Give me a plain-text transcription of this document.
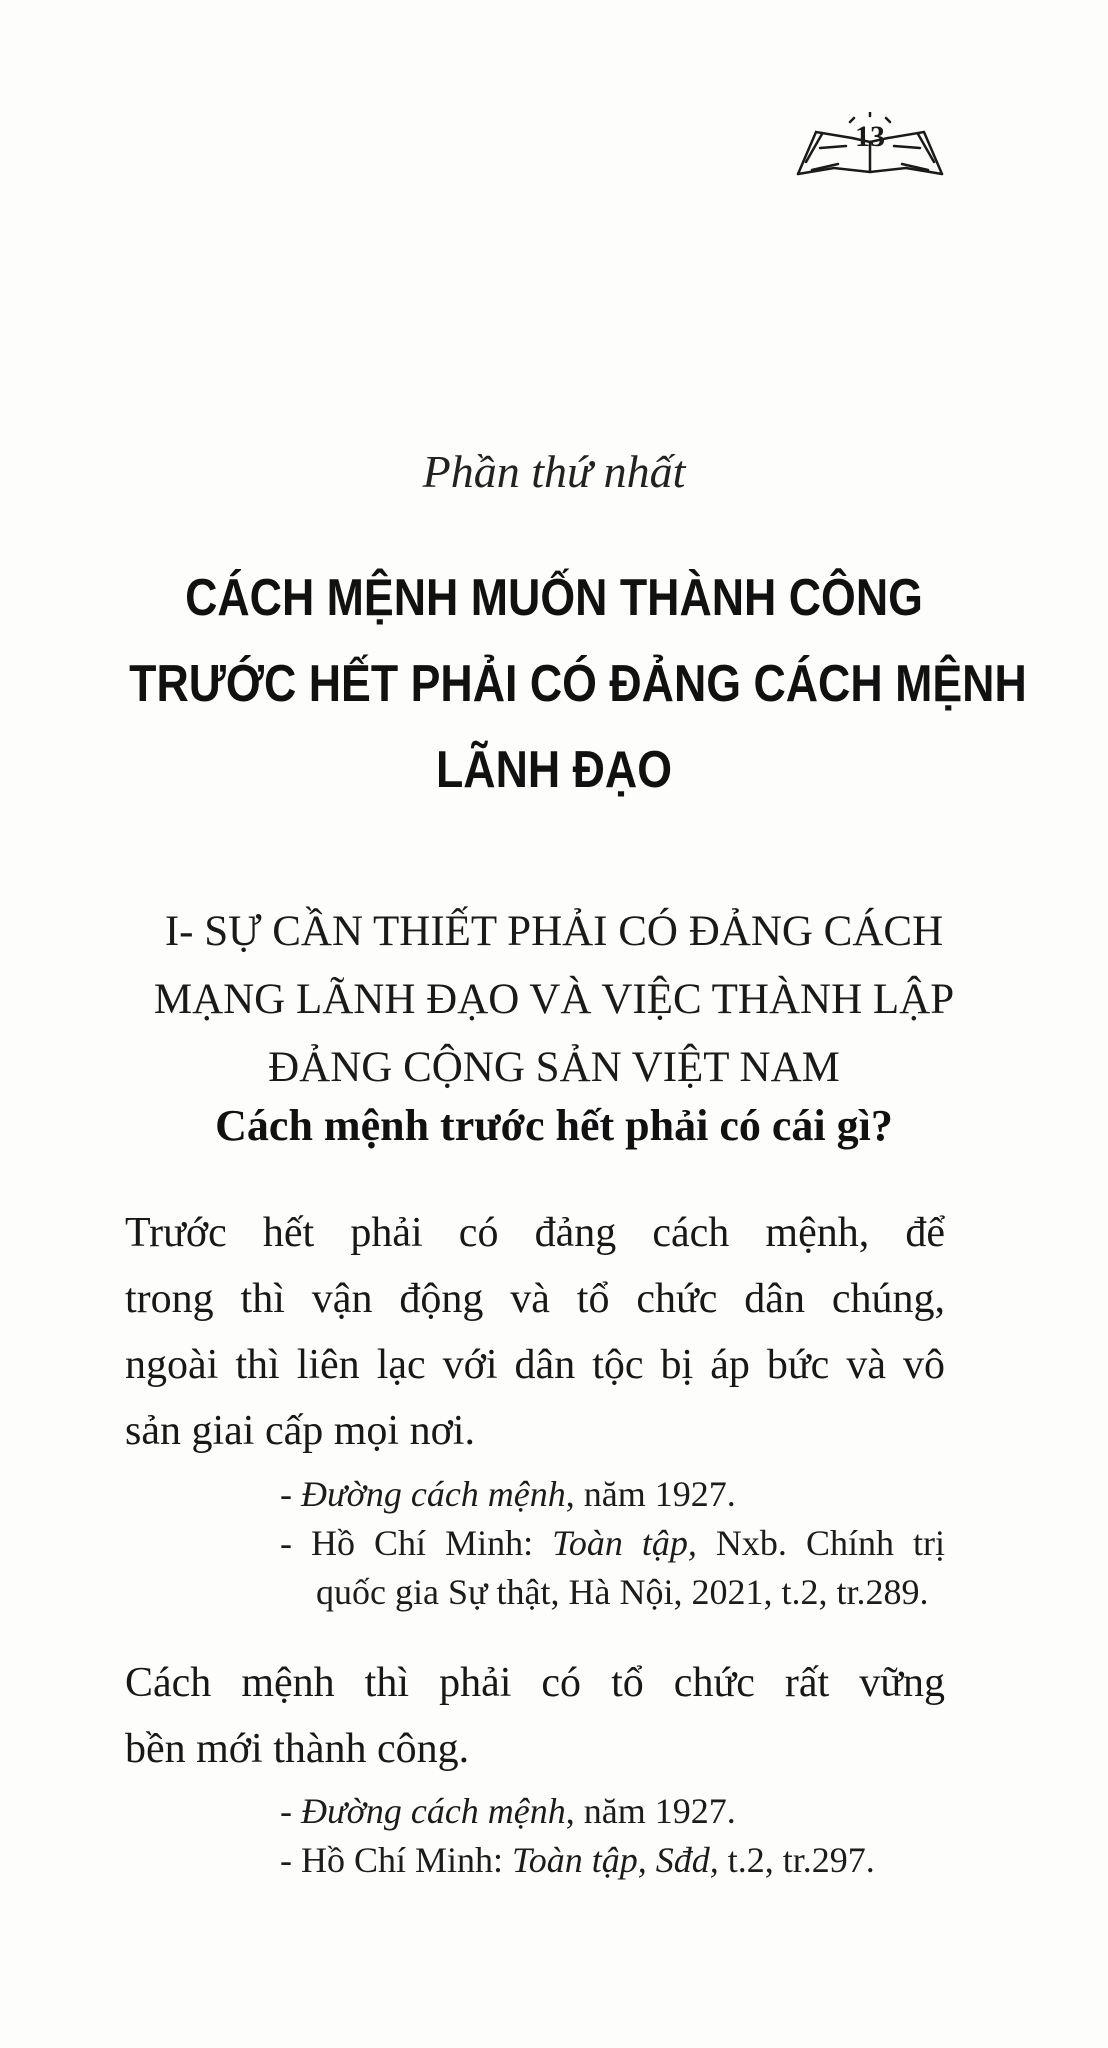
13
Phần thứ nhất
CÁCH MỆNH MUỐN THÀNH CÔNG
TRƯỚC HẾT PHẢI CÓ ĐẢNG CÁCH MỆNH
LÃNH ĐẠO
I- SỰ CẦN THIẾT PHẢI CÓ ĐẢNG CÁCH
MẠNG LÃNH ĐẠO VÀ VIỆC THÀNH LẬP
ĐẢNG CỘNG SẢN VIỆT NAM
Cách mệnh trước hết phải có cái gì?
Trước hết phải có đảng cách mệnh, để
trong thì vận động và tổ chức dân chúng,
ngoài thì liên lạc với dân tộc bị áp bức và vô
sản giai cấp mọi nơi.
- Đường cách mệnh, năm 1927.
- Hồ Chí Minh: Toàn tập, Nxb. Chính trị
quốc gia Sự thật, Hà Nội, 2021, t.2, tr.289.
Cách mệnh thì phải có tổ chức rất vững
bền mới thành công.
- Đường cách mệnh, năm 1927.
- Hồ Chí Minh: Toàn tập, Sđd, t.2, tr.297.
